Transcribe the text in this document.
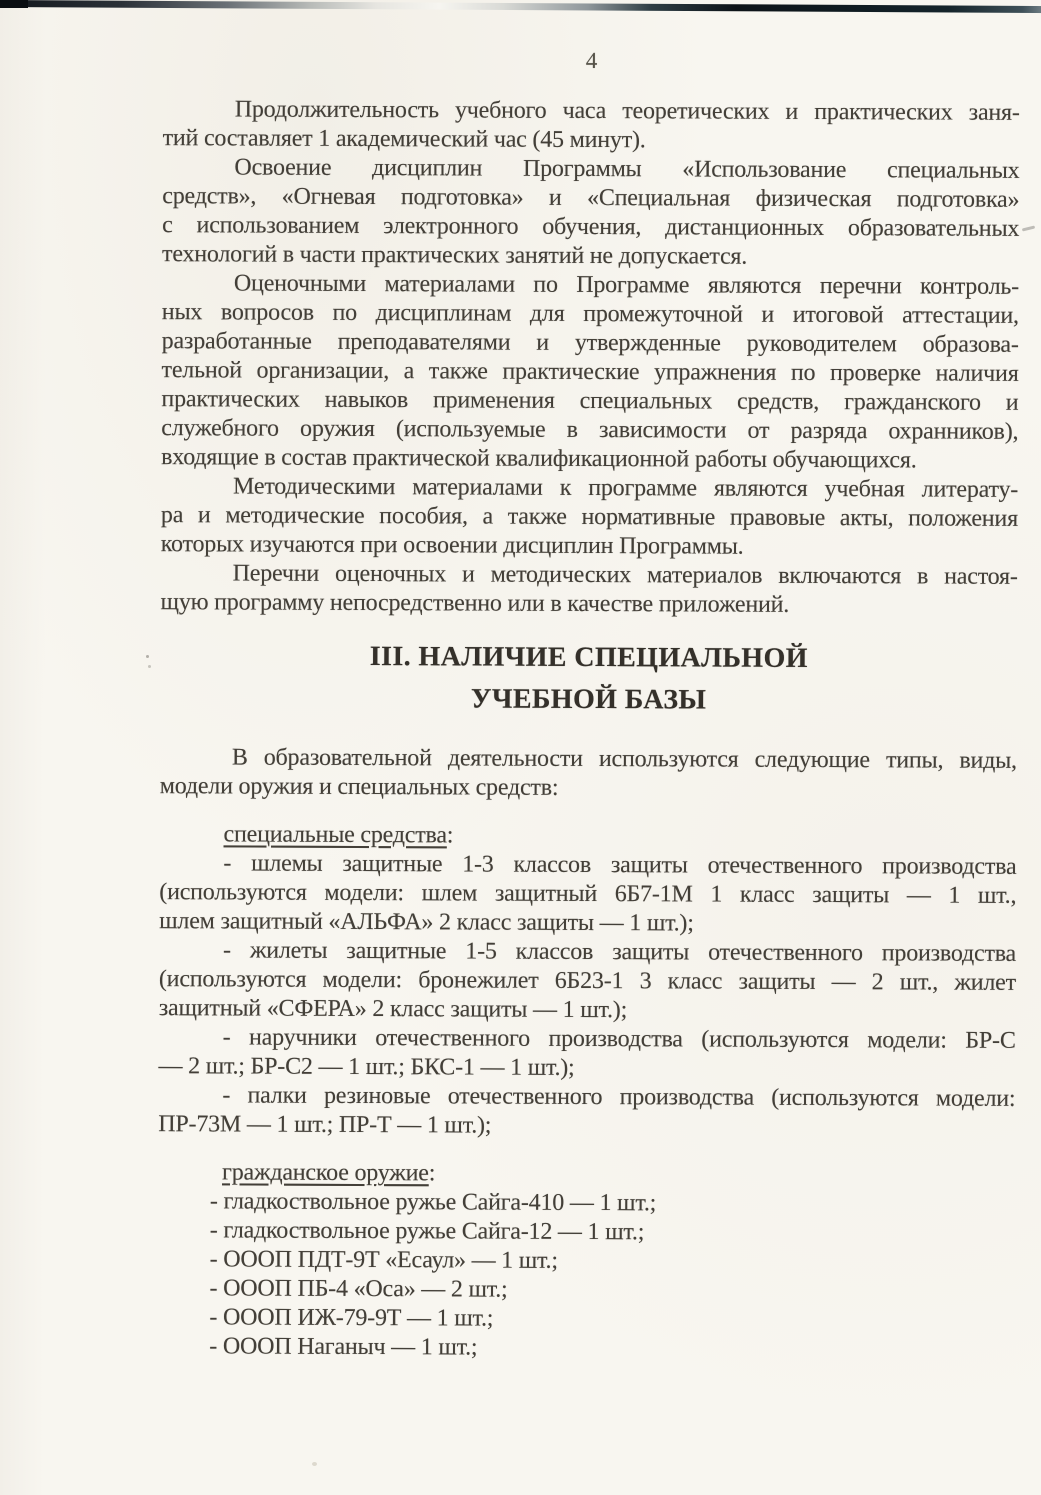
4
Продолжительность учебного часа теоретических и практических заня-
тий составляет 1 академический час (45 минут).
Освоение дисциплин Программы «Использование специальных
средств», «Огневая подготовка» и «Специальная физическая подготовка»
с использованием электронного обучения, дистанционных образовательных
технологий в части практических занятий не допускается.
Оценочными материалами по Программе являются перечни контроль-
ных вопросов по дисциплинам для промежуточной и итоговой аттестации,
разработанные преподавателями и утвержденные руководителем образова-
тельной организации, а также практические упражнения по проверке наличия
практических навыков применения специальных средств, гражданского и
служебного оружия (используемые в зависимости от разряда охранников),
входящие в состав практической квалификационной работы обучающихся.
Методическими материалами к программе являются учебная литерату-
ра и методические пособия, а также нормативные правовые акты, положения
которых изучаются при освоении дисциплин Программы.
Перечни оценочных и методических материалов включаются в настоя-
щую программу непосредственно или в качестве приложений.
III. НАЛИЧИЕ СПЕЦИАЛЬНОЙ
УЧЕБНОЙ БАЗЫ
В образовательной деятельности используются следующие типы, виды,
модели оружия и специальных средств:
специальные средства:
- шлемы защитные 1-3 классов защиты отечественного производства
(используются модели: шлем защитный 6Б7-1М 1 класс защиты — 1 шт.,
шлем защитный «АЛЬФА» 2 класс защиты — 1 шт.);
- жилеты защитные 1-5 классов защиты отечественного производства
(используются модели: бронежилет 6Б23-1 3 класс защиты — 2 шт., жилет
защитный «СФЕРА» 2 класс защиты — 1 шт.);
- наручники отечественного производства (используются модели: БР-С
— 2 шт.; БР-С2 — 1 шт.; БКС-1 — 1 шт.);
- палки резиновые отечественного производства (используются модели:
ПР-73М — 1 шт.; ПР-Т — 1 шт.);
гражданское оружие:
- гладкоствольное ружье Сайга-410 — 1 шт.;
- гладкоствольное ружье Сайга-12 — 1 шт.;
- ОООП ПДТ-9Т «Есаул» — 1 шт.;
- ОООП ПБ-4 «Оса» — 2 шт.;
- ОООП ИЖ-79-9Т — 1 шт.;
- ОООП Наганыч — 1 шт.;
